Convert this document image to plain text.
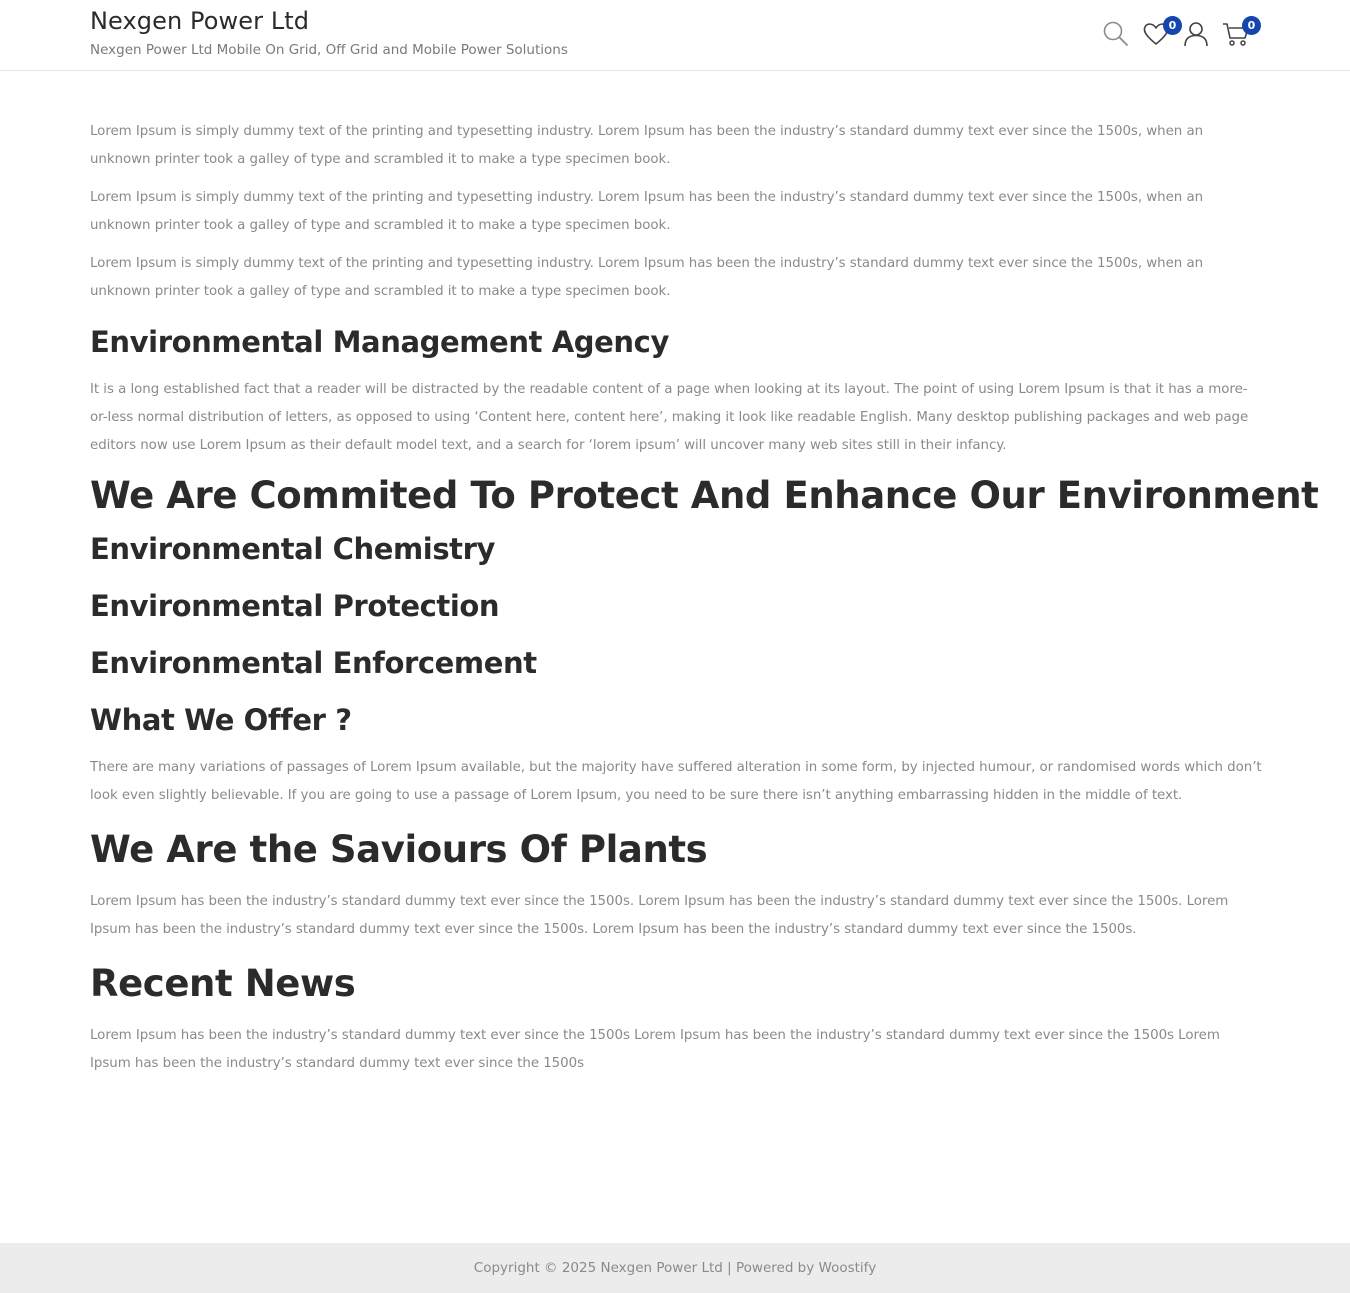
Nexgen Power Ltd
Nexgen Power Ltd Mobile On Grid, Off Grid and Mobile Power Solutions
0	0

Lorem Ipsum is simply dummy text of the printing and typesetting industry. Lorem Ipsum has been the industry’s standard dummy text ever since the 1500s, when an unknown printer took a galley of type and scrambled it to make a type specimen book.

Lorem Ipsum is simply dummy text of the printing and typesetting industry. Lorem Ipsum has been the industry’s standard dummy text ever since the 1500s, when an unknown printer took a galley of type and scrambled it to make a type specimen book.

Lorem Ipsum is simply dummy text of the printing and typesetting industry. Lorem Ipsum has been the industry’s standard dummy text ever since the 1500s, when an unknown printer took a galley of type and scrambled it to make a type specimen book.

Environmental Management Agency

It is a long established fact that a reader will be distracted by the readable content of a page when looking at its layout. The point of using Lorem Ipsum is that it has a more-or-less normal distribution of letters, as opposed to using ‘Content here, content here’, making it look like readable English. Many desktop publishing packages and web page editors now use Lorem Ipsum as their default model text, and a search for ‘lorem ipsum’ will uncover many web sites still in their infancy.

We Are Commited To Protect And Enhance Our Environment
Environmental Chemistry
Environmental Protection
Environmental Enforcement
What We Offer ?

There are many variations of passages of Lorem Ipsum available, but the majority have suffered alteration in some form, by injected humour, or randomised words which don’t look even slightly believable. If you are going to use a passage of Lorem Ipsum, you need to be sure there isn’t anything embarrassing hidden in the middle of text.

We Are the Saviours Of Plants

Lorem Ipsum has been the industry’s standard dummy text ever since the 1500s. Lorem Ipsum has been the industry’s standard dummy text ever since the 1500s. Lorem Ipsum has been the industry’s standard dummy text ever since the 1500s. Lorem Ipsum has been the industry’s standard dummy text ever since the 1500s.

Recent News

Lorem Ipsum has been the industry’s standard dummy text ever since the 1500s Lorem Ipsum has been the industry’s standard dummy text ever since the 1500s Lorem Ipsum has been the industry’s standard dummy text ever since the 1500s

Copyright © 2025 Nexgen Power Ltd | Powered by Woostify
